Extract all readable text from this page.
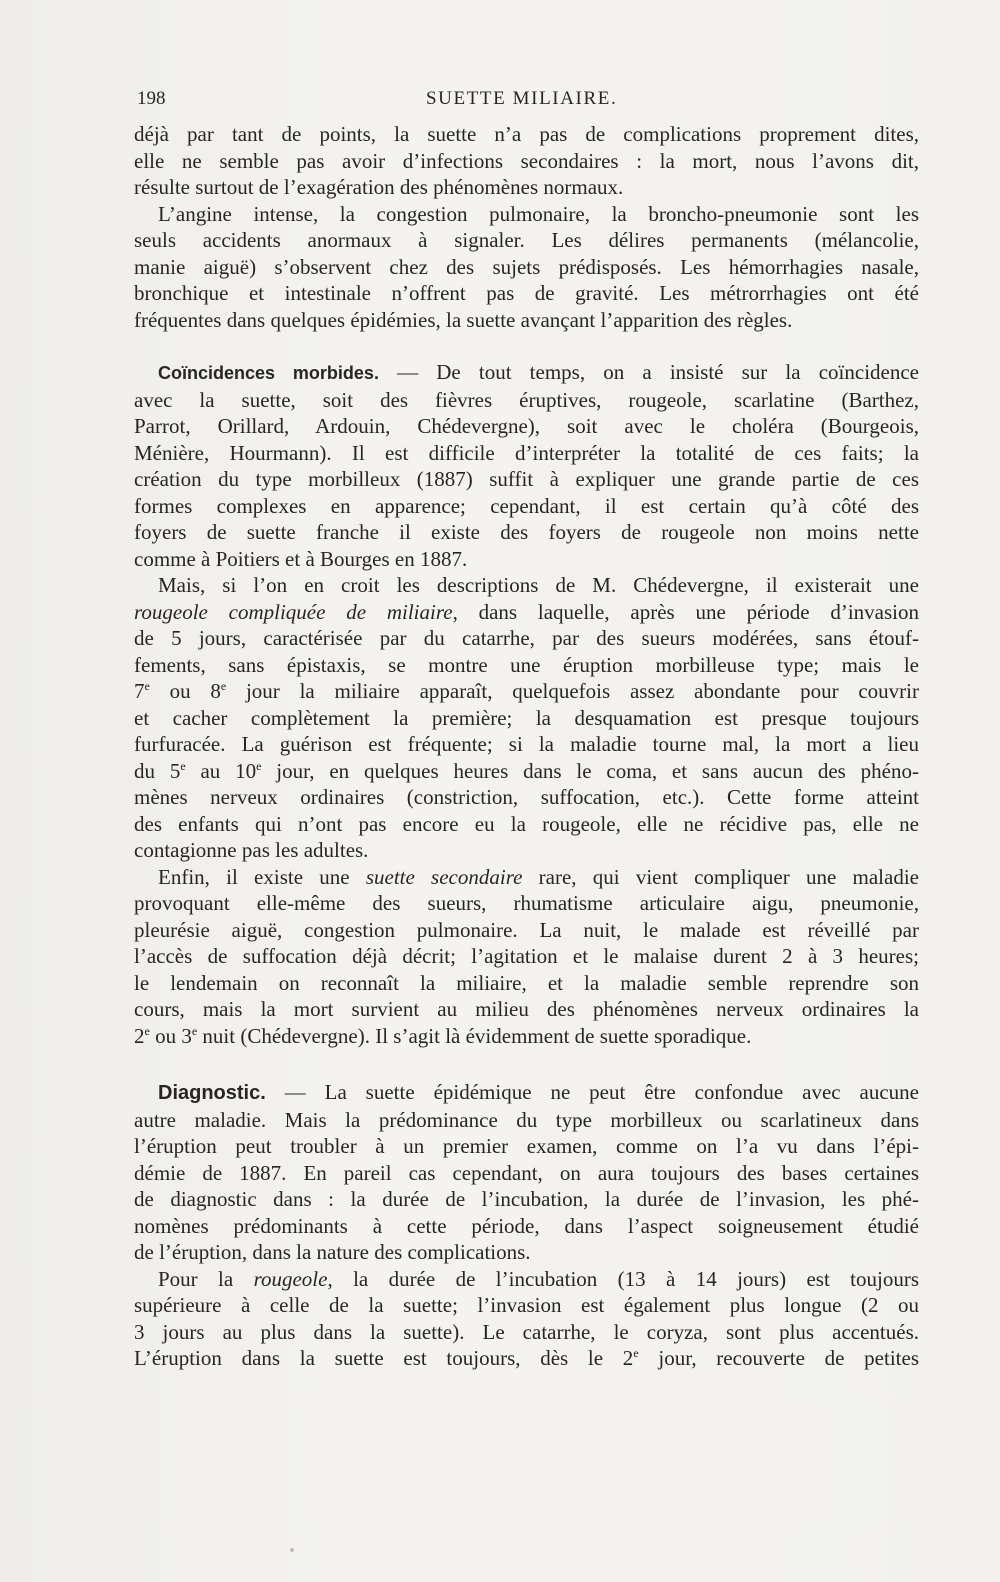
198	SUETTE MILIAIRE.

déjà par tant de points, la suette n’a pas de complications proprement dites,
elle ne semble pas avoir d’infections secondaires : la mort, nous l’avons dit,
résulte surtout de l’exagération des phénomènes normaux.

L’angine intense, la congestion pulmonaire, la broncho-pneumonie sont les
seuls accidents anormaux à signaler. Les délires permanents (mélancolie,
manie aiguë) s’observent chez des sujets prédisposés. Les hémorrhagies nasale,
bronchique et intestinale n’offrent pas de gravité. Les métrorrhagies ont été
fréquentes dans quelques épidémies, la suette avançant l’apparition des règles.

Coïncidences morbides. — De tout temps, on a insisté sur la coïncidence
avec la suette, soit des fièvres éruptives, rougeole, scarlatine (Barthez,
Parrot, Orillard, Ardouin, Chédevergne), soit avec le choléra (Bourgeois,
Ménière, Hourmann). Il est difficile d’interpréter la totalité de ces faits; la
création du type morbilleux (1887) suffit à expliquer une grande partie de ces
formes complexes en apparence; cependant, il est certain qu’à côté des
foyers de suette franche il existe des foyers de rougeole non moins nette
comme à Poitiers et à Bourges en 1887.

Mais, si l’on en croit les descriptions de M. Chédevergne, il existerait une
rougeole compliquée de miliaire, dans laquelle, après une période d’invasion
de 5 jours, caractérisée par du catarrhe, par des sueurs modérées, sans étouf-
fements, sans épistaxis, se montre une éruption morbilleuse type; mais le
7e ou 8e jour la miliaire apparaît, quelquefois assez abondante pour couvrir
et cacher complètement la première; la desquamation est presque toujours
furfuracée. La guérison est fréquente; si la maladie tourne mal, la mort a lieu
du 5e au 10e jour, en quelques heures dans le coma, et sans aucun des phéno-
mènes nerveux ordinaires (constriction, suffocation, etc.). Cette forme atteint
des enfants qui n’ont pas encore eu la rougeole, elle ne récidive pas, elle ne
contagionne pas les adultes.

Enfin, il existe une suette secondaire rare, qui vient compliquer une maladie
provoquant elle-même des sueurs, rhumatisme articulaire aigu, pneumonie,
pleurésie aiguë, congestion pulmonaire. La nuit, le malade est réveillé par
l’accès de suffocation déjà décrit; l’agitation et le malaise durent 2 à 3 heures;
le lendemain on reconnaît la miliaire, et la maladie semble reprendre son
cours, mais la mort survient au milieu des phénomènes nerveux ordinaires la
2e ou 3e nuit (Chédevergne). Il s’agit là évidemment de suette sporadique.

Diagnostic. — La suette épidémique ne peut être confondue avec aucune
autre maladie. Mais la prédominance du type morbilleux ou scarlatineux dans
l’éruption peut troubler à un premier examen, comme on l’a vu dans l’épi-
démie de 1887. En pareil cas cependant, on aura toujours des bases certaines
de diagnostic dans : la durée de l’incubation, la durée de l’invasion, les phé-
nomènes prédominants à cette période, dans l’aspect soigneusement étudié
de l’éruption, dans la nature des complications.

Pour la rougeole, la durée de l’incubation (13 à 14 jours) est toujours
supérieure à celle de la suette; l’invasion est également plus longue (2 ou
3 jours au plus dans la suette). Le catarrhe, le coryza, sont plus accentués.
L’éruption dans la suette est toujours, dès le 2e jour, recouverte de petites
